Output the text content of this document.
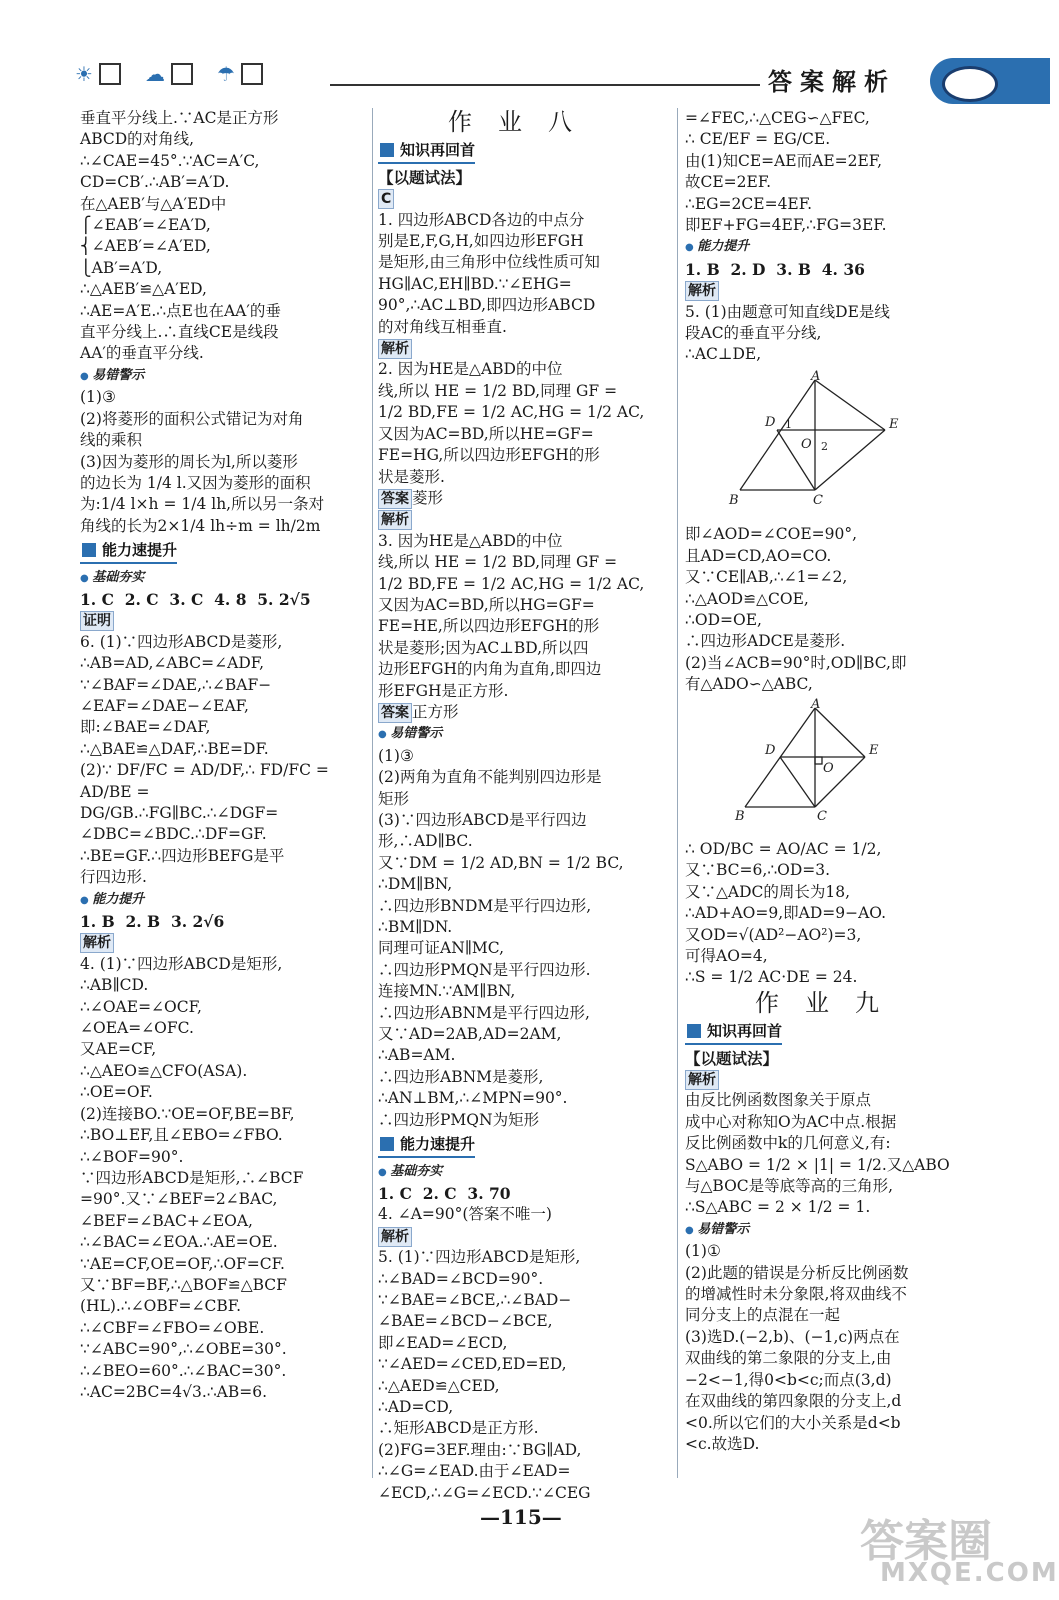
☀	☁	☂	答案解析

垂直平分线上.∵AC是正方形

ABCD的对角线,

∴∠CAE=45°.∵AC=A′C,

CD=CB′.∴AB′=A′D.

在△AEB′与△A′ED中

⎧∠EAB′=∠EA′D,

⎨∠AEB′=∠A′ED,

⎩AB′=A′D,

∴△AEB′≌△A′ED,

∴AE=A′E.∴点E也在AA′的垂

直平分线上.∴直线CE是线段

AA′的垂直平分线.

● 易错警示

(1)③

(2)将菱形的面积公式错记为对角

线的乘积

(3)因为菱形的周长为l,所以菱形

的边长为 1/4 l.又因为菱形的面积

为:1/4 l×h = 1/4 lh,所以另一条对

角线的长为2×1/4 lh÷m = lh/2m

能力速提升
● 基础夯实

1. C  2. C  3. C  4. 8  5. 2√5

证明

6. (1)∵四边形ABCD是菱形,

∴AB=AD,∠ABC=∠ADF,

∵∠BAF=∠DAE,∴∠BAF−

∠EAF=∠DAE−∠EAF,

即:∠BAE=∠DAF,

∴△BAE≌△DAF,∴BE=DF.

(2)∵ DF/FC = AD/DF,∴ FD/FC = AD/BE =

DG/GB.∴FG∥BC.∴∠DGF=

∠DBC=∠BDC.∴DF=GF.

∴BE=GF.∴四边形BEFG是平

行四边形.

● 能力提升

1. B  2. B  3. 2√6

解析

4. (1)∵四边形ABCD是矩形,

∴AB∥CD.

∴∠OAE=∠OCF,

∠OEA=∠OFC.

又AE=CF,

∴△AEO≌△CFO(ASA).

∴OE=OF.

(2)连接BO.∵OE=OF,BE=BF,

∴BO⊥EF,且∠EBO=∠FBO.

∴∠BOF=90°.

∵四边形ABCD是矩形,∴∠BCF

=90°.又∵∠BEF=2∠BAC,

∠BEF=∠BAC+∠EOA,

∴∠BAC=∠EOA.∴AE=OE.

∵AE=CF,OE=OF,∴OF=CF.

又∵BF=BF,∴△BOF≌△BCF

(HL).∴∠OBF=∠CBF.

∴∠CBF=∠FBO=∠OBE.

∵∠ABC=90°,∴∠OBE=30°.

∴∠BEO=60°.∴∠BAC=30°.

∴AC=2BC=4√3.∴AB=6.

作业八
知识再回首

【以题试法】

C

1. 四边形ABCD各边的中点分

别是E,F,G,H,如四边形EFGH

是矩形,由三角形中位线性质可知

HG∥AC,EH∥BD.∵∠EHG=

90°,∴AC⊥BD,即四边形ABCD

的对角线互相垂直.

解析

2. 因为HE是△ABD的中位

线,所以 HE = 1/2 BD,同理 GF =

1/2 BD,FE = 1/2 AC,HG = 1/2 AC,

又因为AC=BD,所以HE=GF=

FE=HG,所以四边形EFGH的形

状是菱形.

答案 菱形

解析

3. 因为HE是△ABD的中位

线,所以 HE = 1/2 BD,同理 GF =

1/2 BD,FE = 1/2 AC,HG = 1/2 AC,

又因为AC=BD,所以HG=GF=

FE=HE,所以四边形EFGH的形

状是菱形;因为AC⊥BD,所以四

边形EFGH的内角为直角,即四边

形EFGH是正方形.

答案 正方形

● 易错警示

(1)③

(2)两角为直角不能判别四边形是

矩形

(3)∵四边形ABCD是平行四边

形,∴AD∥BC.

又∵DM = 1/2 AD,BN = 1/2 BC,

∴DM∥BN,

∴四边形BNDM是平行四边形,

∴BM∥DN.

同理可证AN∥MC,

∴四边形PMQN是平行四边形.

连接MN.∵AM∥BN,

∴四边形ABNM是平行四边形,

又∵AD=2AB,AD=2AM,

∴AB=AM.

∴四边形ABNM是菱形,

∴AN⊥BM,∴∠MPN=90°.

∴四边形PMQN为矩形

能力速提升
● 基础夯实

1. C  2. C  3. 70

4. ∠A=90°(答案不唯一)

解析

5. (1)∵四边形ABCD是矩形,

∴∠BAD=∠BCD=90°.

∵∠BAE=∠BCE,∴∠BAD−

∠BAE=∠BCD−∠BCE,

即∠EAD=∠ECD,

∵∠AED=∠CED,ED=ED,

∴△AED≌△CED,

∴AD=CD,

∴矩形ABCD是正方形.

(2)FG=3EF.理由:∵BG∥AD,

∴∠G=∠EAD.由于∠EAD=

∠ECD,∴∠G=∠ECD.∵∠CEG

=∠FEC,∴△CEG∽△FEC,

∴ CE/EF = EG/CE.

由(1)知CE=AE而AE=2EF,

故CE=2EF.

∴EG=2CE=4EF.

即EF+FG=4EF,∴FG=3EF.

● 能力提升

1. B  2. D  3. B  4. 36

解析

5. (1)由题意可知直线DE是线

段AC的垂直平分线,

∴AC⊥DE,

A
D 1	E
O 2
B	C

即∠AOD=∠COE=90°,

且AD=CD,AO=CO.

又∵CE∥AB,∴∠1=∠2,

∴△AOD≌△COE,

∴OD=OE,

∴四边形ADCE是菱形.

(2)当∠ACB=90°时,OD∥BC,即

有△ADO∽△ABC,

A
D	E
O
B	C

∴ OD/BC = AO/AC = 1/2,

又∵BC=6,∴OD=3.

又∵△ADC的周长为18,

∴AD+AO=9,即AD=9−AO.

又OD=√(AD²−AO²)=3,

可得AO=4,

∴S = 1/2 AC·DE = 24.

作业九
知识再回首

【以题试法】

解析

由反比例函数图象关于原点

成中心对称知O为AC中点.根据

反比例函数中k的几何意义,有:

S△ABO = 1/2 × |1| = 1/2.又△ABO

与△BOC是等底等高的三角形,

∴S△ABC = 2 × 1/2 = 1.

● 易错警示

(1)①

(2)此题的错误是分析反比例函数

的增减性时未分象限,将双曲线不

同分支上的点混在一起

(3)选D.(−2,b)、(−1,c)两点在

双曲线的第二象限的分支上,由

−2<−1,得0<b<c;而点(3,d)

在双曲线的第四象限的分支上,d

<0.所以它们的大小关系是d<b

<c.故选D.

—115—	答案圈
MXQE.COM
